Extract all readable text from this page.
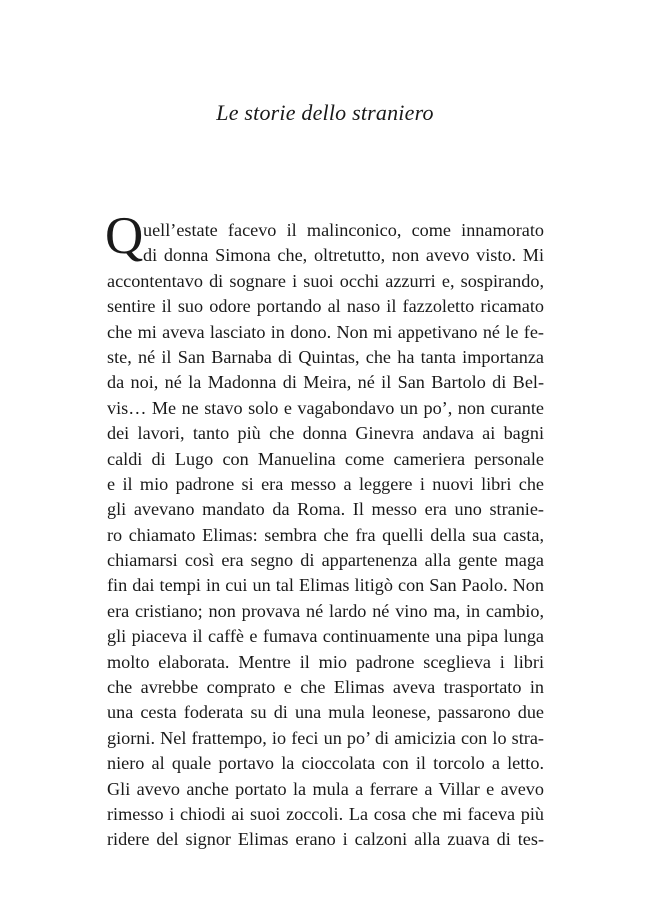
Le storie dello straniero
Q uell’estate facevo il malinconico, come innamorato
di donna Simona che, oltretutto, non avevo visto. Mi
accontentavo di sognare i suoi occhi azzurri e, sospirando,
sentire il suo odore portando al naso il fazzoletto ricamato
che mi aveva lasciato in dono. Non mi appetivano né le fe-
ste, né il San Barnaba di Quintas, che ha tanta importanza
da noi, né la Madonna di Meira, né il San Bartolo di Bel-
vis… Me ne stavo solo e vagabondavo un po’, non curante
dei lavori, tanto più che donna Ginevra andava ai bagni
caldi di Lugo con Manuelina come cameriera personale
e il mio padrone si era messo a leggere i nuovi libri che
gli avevano mandato da Roma. Il messo era uno stranie-
ro chiamato Elimas: sembra che fra quelli della sua casta,
chiamarsi così era segno di appartenenza alla gente maga
fin dai tempi in cui un tal Elimas litigò con San Paolo. Non
era cristiano; non provava né lardo né vino ma, in cambio,
gli piaceva il caffè e fumava continuamente una pipa lunga
molto elaborata. Mentre il mio padrone sceglieva i libri
che avrebbe comprato e che Elimas aveva trasportato in
una cesta foderata su di una mula leonese, passarono due
giorni. Nel frattempo, io feci un po’ di amicizia con lo stra-
niero al quale portavo la cioccolata con il torcolo a letto.
Gli avevo anche portato la mula a ferrare a Villar e avevo
rimesso i chiodi ai suoi zoccoli. La cosa che mi faceva più
ridere del signor Elimas erano i calzoni alla zuava di tes-
